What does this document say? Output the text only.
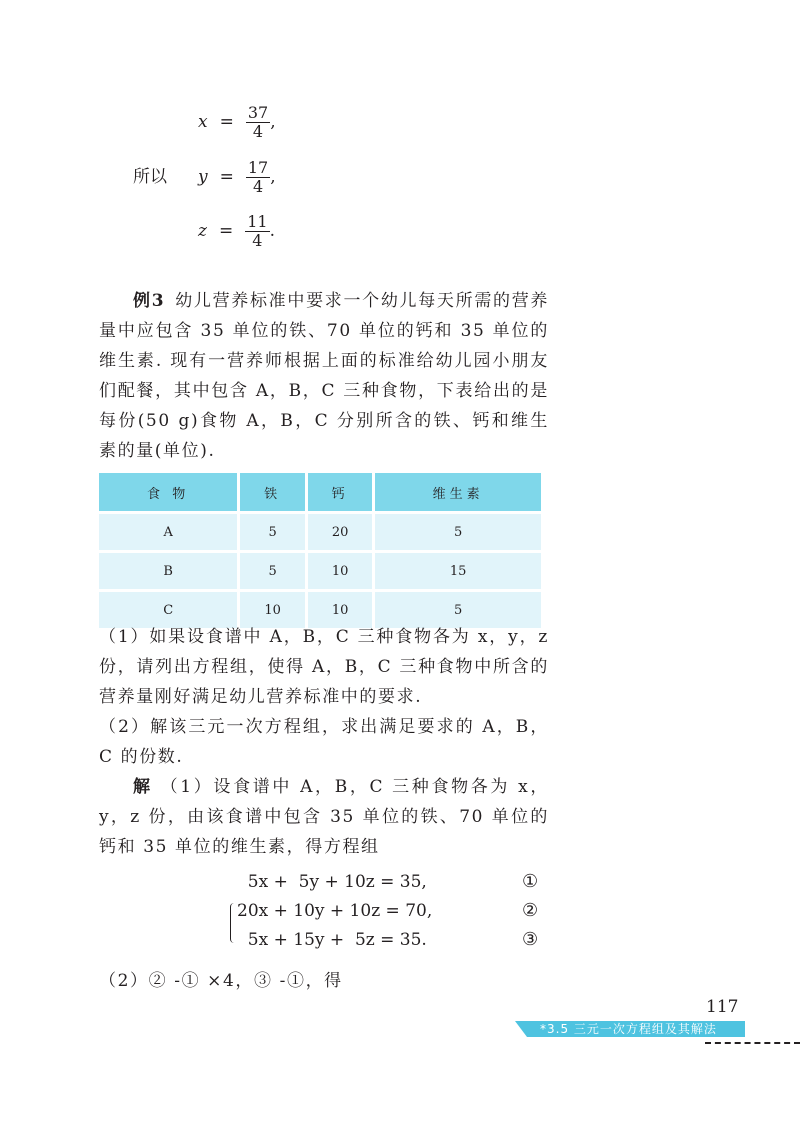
$x = \frac{37}{4}$ ,
所以 $y = \frac{17}{4}$ ,
$z = \frac{11}{4}$ .
例3 幼儿营养标准中要求一个幼儿每天所需的营养量中应包含 35 单位的铁、70 单位的钙和 35 单位的维生素. 现有一营养师根据上面的标准给幼儿园小朋友们配餐，其中包含 A，B，C 三种食物，下表给出的是每份(50 g)食物 A，B，C 分别所含的铁、钙和维生素的量(单位).
食 物	铁	钙	维生素
A	5	20	5
B	5	10	15
C	10	10	5
（1）如果设食谱中 A，B，C 三种食物各为 x，y，z 份，请列出方程组，使得 A，B，C 三种食物中所含的营养量刚好满足幼儿营养标准中的要求.
（2）解该三元一次方程组，求出满足要求的 A，B，C 的份数.
解 （1）设食谱中 A，B，C 三种食物各为 x，y，z 份，由该食谱中包含 35 单位的铁、70 单位的钙和 35 单位的维生素，得方程组
5x +  5y + 10z = 35,
20x + 10y + 10z = 70,
5x + 15y +  5z = 35.
①
②
③
（2）② -① ×4，③ -①，得
117
*3.5 三元一次方程组及其解法
